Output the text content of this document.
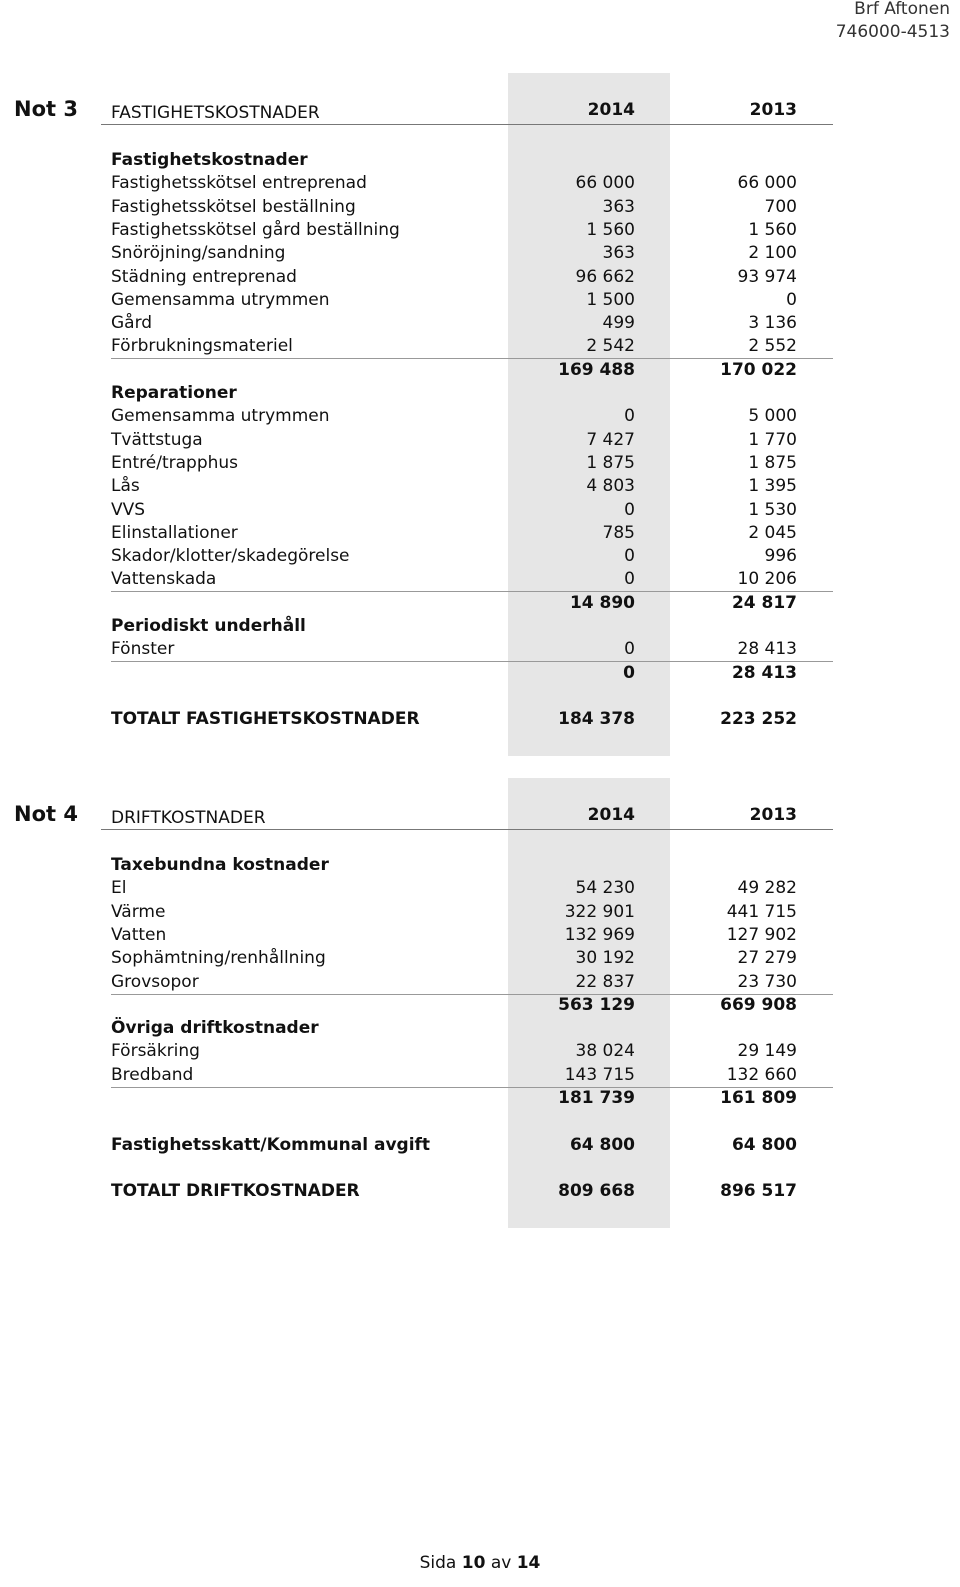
Brf Aftonen
746000-4513
Not 3 FASTIGHETSKOSTNADER	2014	2013
Fastighetskostnader
Fastighetsskötsel entreprenad	66 000	66 000
Fastighetsskötsel beställning	363	700
Fastighetsskötsel gård beställning	1 560	1 560
Snöröjning/sandning	363	2 100
Städning entreprenad	96 662	93 974
Gemensamma utrymmen	1 500	0
Gård	499	3 136
Förbrukningsmateriel	2 542	2 552
169 488	170 022
Reparationer
Gemensamma utrymmen	0	5 000
Tvättstuga	7 427	1 770
Entré/trapphus	1 875	1 875
Lås	4 803	1 395
VVS	0	1 530
Elinstallationer	785	2 045
Skador/klotter/skadegörelse	0	996
Vattenskada	0	10 206
14 890	24 817
Periodiskt underhåll
Fönster	0	28 413
0	28 413
TOTALT FASTIGHETSKOSTNADER	184 378	223 252
Not 4 DRIFTKOSTNADER	2014	2013
Taxebundna kostnader
El	54 230	49 282
Värme	322 901	441 715
Vatten	132 969	127 902
Sophämtning/renhållning	30 192	27 279
Grovsopor	22 837	23 730
563 129	669 908
Övriga driftkostnader
Försäkring	38 024	29 149
Bredband	143 715	132 660
181 739	161 809
Fastighetsskatt/Kommunal avgift	64 800	64 800
TOTALT DRIFTKOSTNADER	809 668	896 517
Sida 10 av 14
